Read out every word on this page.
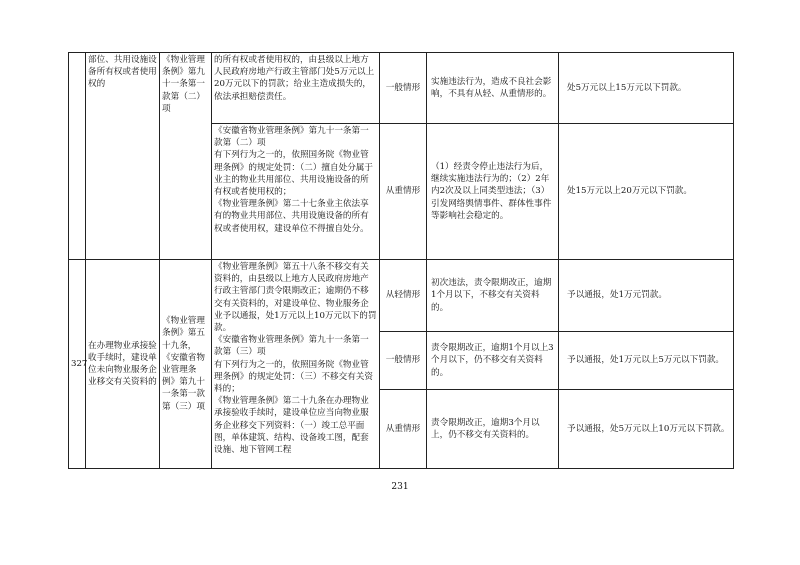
	部位、共用设施设备所有权或者使用权的	《物业管理条例》第九十一条第一款第（二）项	的所有权或者使用权的，由县级以上地方人民政府房地产行政主管部门处5万元以上20万元以下的罚款；给业主造成损失的，依法承担赔偿责任。	一般情形	实施违法行为，造成不良社会影响，不具有从轻、从重情形的。	处5万元以上15万元以下罚款。

			《安徽省物业管理条例》第九十一条第一款第（二）项
有下列行为之一的，依照国务院《物业管理条例》的规定处罚：（二）擅自处分属于业主的物业共用部位、共用设施设备的所有权或者使用权的；
《物业管理条例》第二十七条业主依法享有的物业共用部位、共用设施设备的所有权或者使用权，建设单位不得擅自处分。	从重情形	（1）经责令停止违法行为后，继续实施违法行为的；（2）2年内2次及以上同类型违法；（3）引发网络舆情事件、群体性事件等影响社会稳定的。	处15万元以上20万元以下罚款。
327	在办理物业承接验收手续时，建设单位未向物业服务企业移交有关资料的	《物业管理条例》第五十九条，《安徽省物业管理条例》第九十一条第一款第（三）项	《物业管理条例》第五十八条不移交有关资料的，由县级以上地方人民政府房地产行政主管部门责令限期改正；逾期仍不移交有关资料的，对建设单位、物业服务企业予以通报，处1万元以上10万元以下的罚款。
《安徽省物业管理条例》第九十一条第一款第（三）项
有下列行为之一的，依照国务院《物业管理条例》的规定处罚：（三）不移交有关资料的；
《物业管理条例》第二十九条在办理物业承接验收手续时，建设单位应当向物业服务企业移交下列资料：（一）竣工总平面图，单体建筑、结构、设备竣工图，配套设施、地下管网工程	从轻情形	初次违法，责令限期改正，逾期1个月以下，不移交有关资料的。	予以通报，处1万元罚款。
				一般情形	责令限期改正，逾期1个月以上3个月以下，仍不移交有关资料的。	予以通报，处1万元以上5万元以下罚款。
				从重情形	责令限期改正，逾期3个月以上，仍不移交有关资料的。	予以通报，处5万元以上10万元以下罚款。
231
